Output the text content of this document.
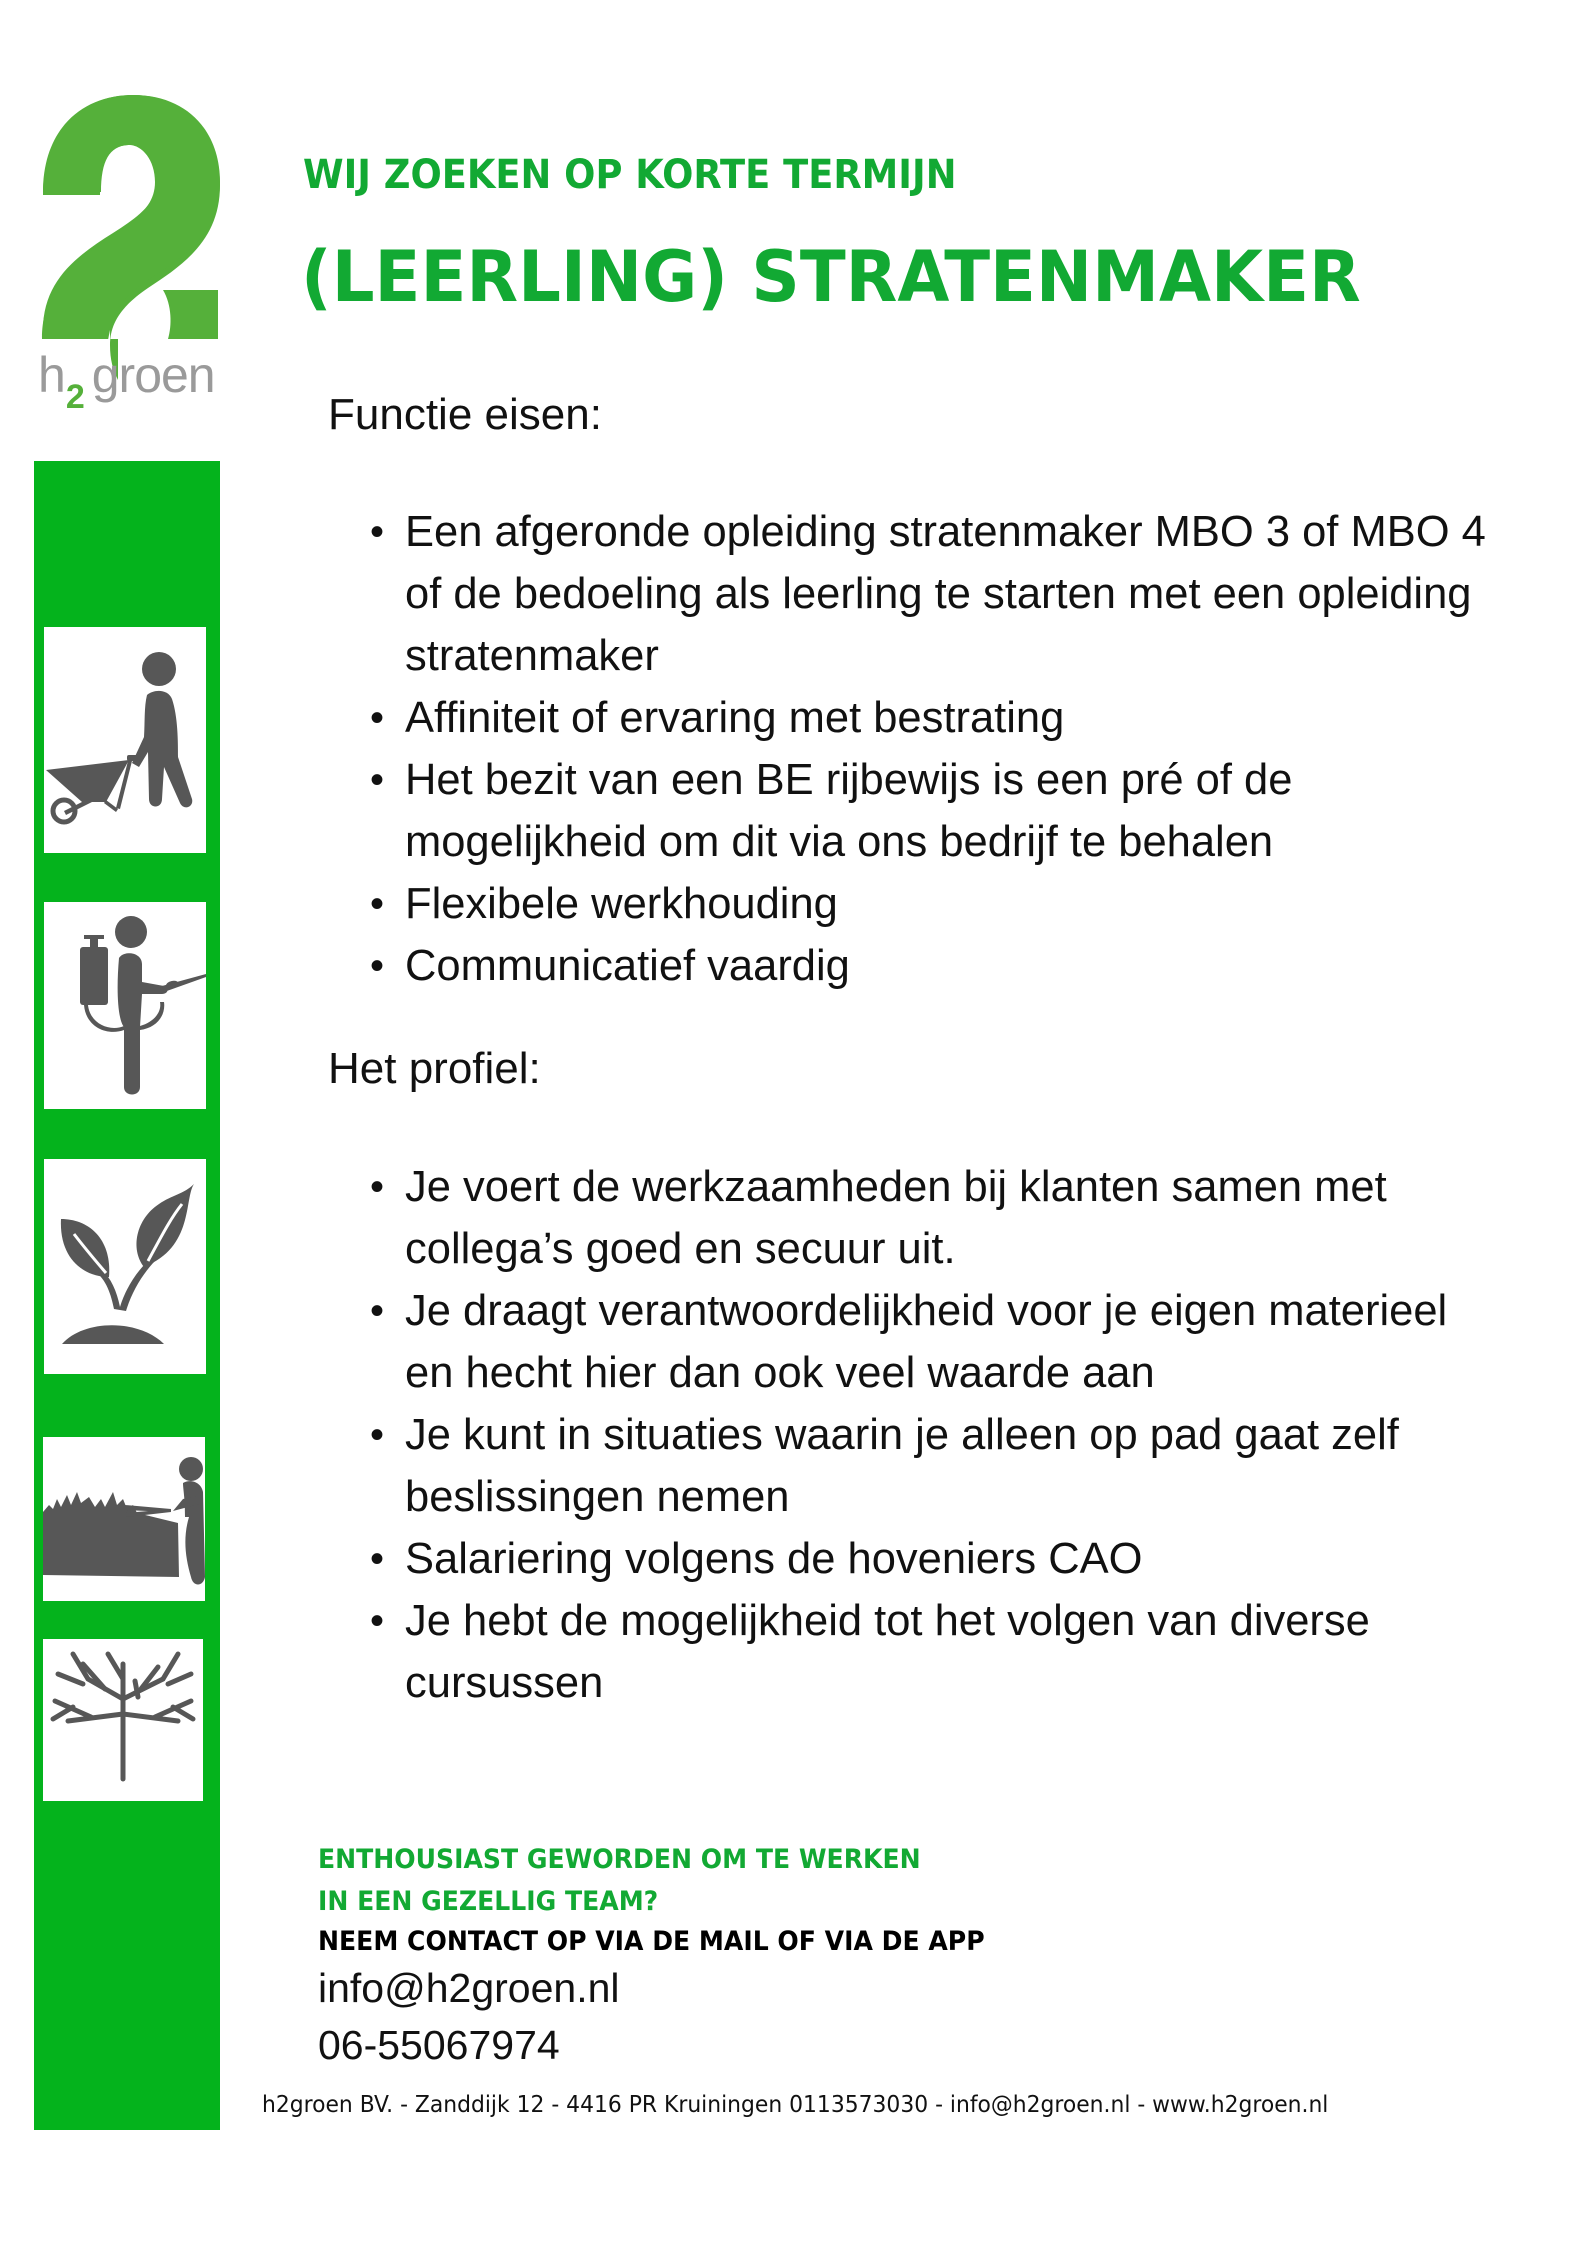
$h_2$ groen
WIJ ZOEKEN OP KORTE TERMIJN
(LEERLING) STRATENMAKER
Functie eisen:
• Een afgeronde opleiding stratenmaker MBO 3 of MBO 4
of de bedoeling als leerling te starten met een opleiding
stratenmaker
• Affiniteit of ervaring met bestrating
• Het bezit van een BE rijbewijs is een pré of de
mogelijkheid om dit via ons bedrijf te behalen
• Flexibele werkhouding
• Communicatief vaardig
Het profiel:
• Je voert de werkzaamheden bij klanten samen met
collega’s goed en secuur uit.
• Je draagt verantwoordelijkheid voor je eigen materieel
en hecht hier dan ook veel waarde aan
• Je kunt in situaties waarin je alleen op pad gaat zelf
beslissingen nemen
• Salariering volgens de hoveniers CAO
• Je hebt de mogelijkheid tot het volgen van diverse
cursussen
ENTHOUSIAST GEWORDEN OM TE WERKEN
IN EEN GEZELLIG TEAM?
NEEM CONTACT OP VIA DE MAIL OF VIA DE APP
info@h2groen.nl
06-55067974
h2groen BV. - Zanddijk 12 - 4416 PR Kruiningen 0113573030 - info@h2groen.nl - www.h2groen.nl
